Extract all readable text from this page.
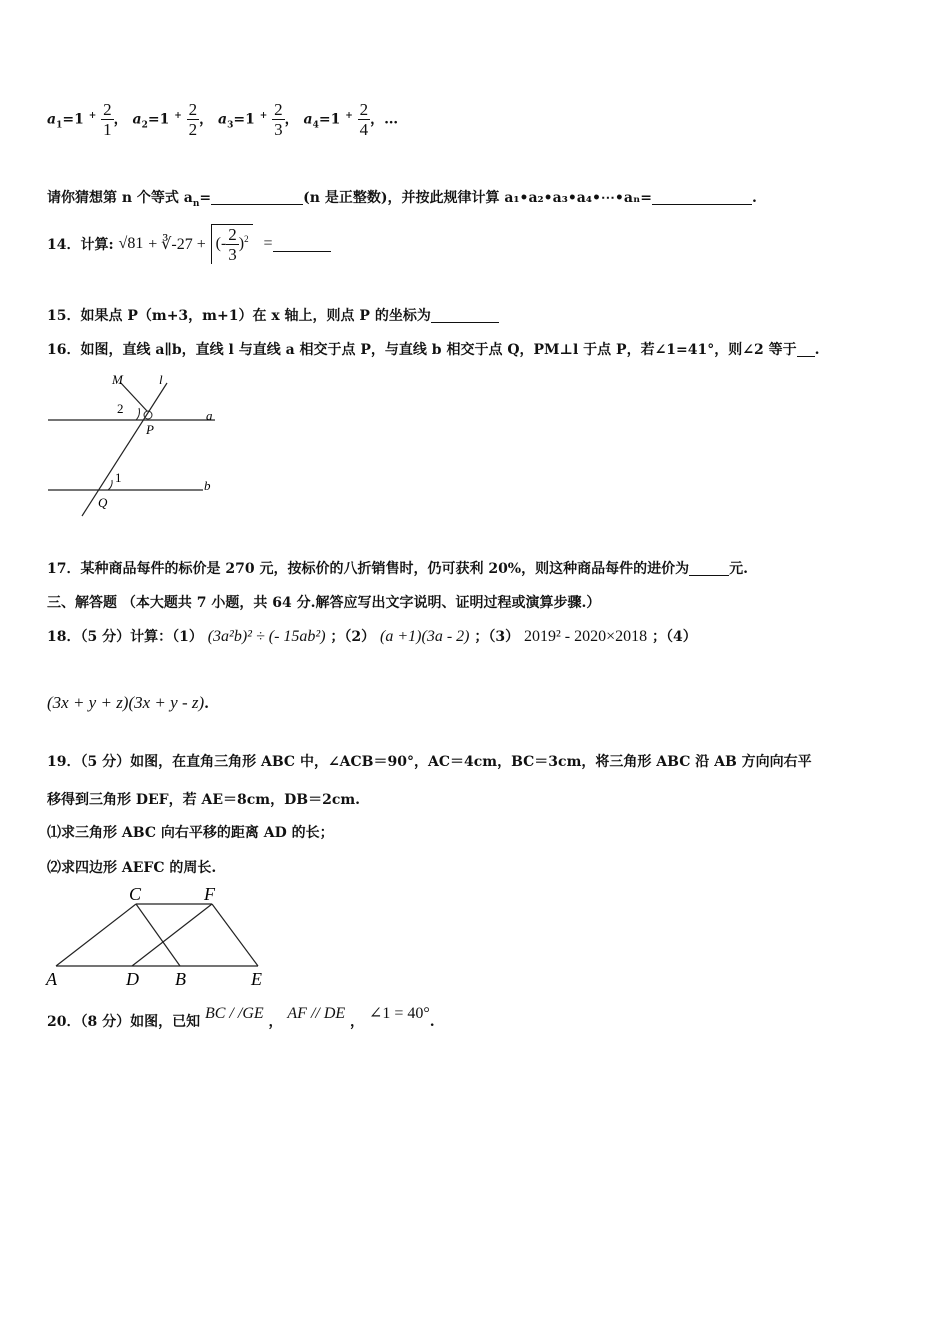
$a_1=1$ $^+ \frac{2}{1}$ ， $a_2=1$ $^+ \frac{2}{2}$ ， $a_3=1$ $^+ \frac{2}{3}$ ， $a_4=1$ $^+ \frac{2}{4}$ ，…
请你猜想第 n 个等式 $a_n=$	(n 是正整数)，并按此规律计算 a₁•a₂•a₃•a₄•⋯•aₙ=	.
14．计算: √81 + ∛-27 + (- $\frac{2}{3} )^2$ =
15．如果点 P（m+3，m+1）在 x 轴上，则点 P 的坐标为
16．如图，直线 a∥b，直线 l 与直线 a 相交于点 P，与直线 b 相交于点 Q，PM⊥l 于点 P，若∠1=41°，则∠2 等于 .
M	l
2	a
P
1
b
Q
17．某种商品每件的标价是 270 元，按标价的八折销售时，仍可获利 20%，则这种商品每件的进价为	元.
三、解答题 （本大题共 7 小题，共 64 分.解答应写出文字说明、证明过程或演算步骤.）
18．（5 分）计算：（1） (3a²b)² ÷ (- 15ab²) ；（2） (a +1)(3a - 2) ；（3） 2019² - 2020×2018 ；（4）
(3x + y + z)(3x + y - z).
19．（5 分）如图，在直角三角形 ABC 中，∠ACB＝90°，AC＝4cm，BC＝3cm，将三角形 ABC 沿 AB 方向向右平
移得到三角形 DEF，若 AE＝8cm，DB＝2cm.
⑴求三角形 ABC 向右平移的距离 AD 的长；
⑵求四边形 AEFC 的周长.
C	F
A	D B	E
20．（8 分）如图，已知 BC / /GE ， AF // DE ， ∠1 = 40°.
